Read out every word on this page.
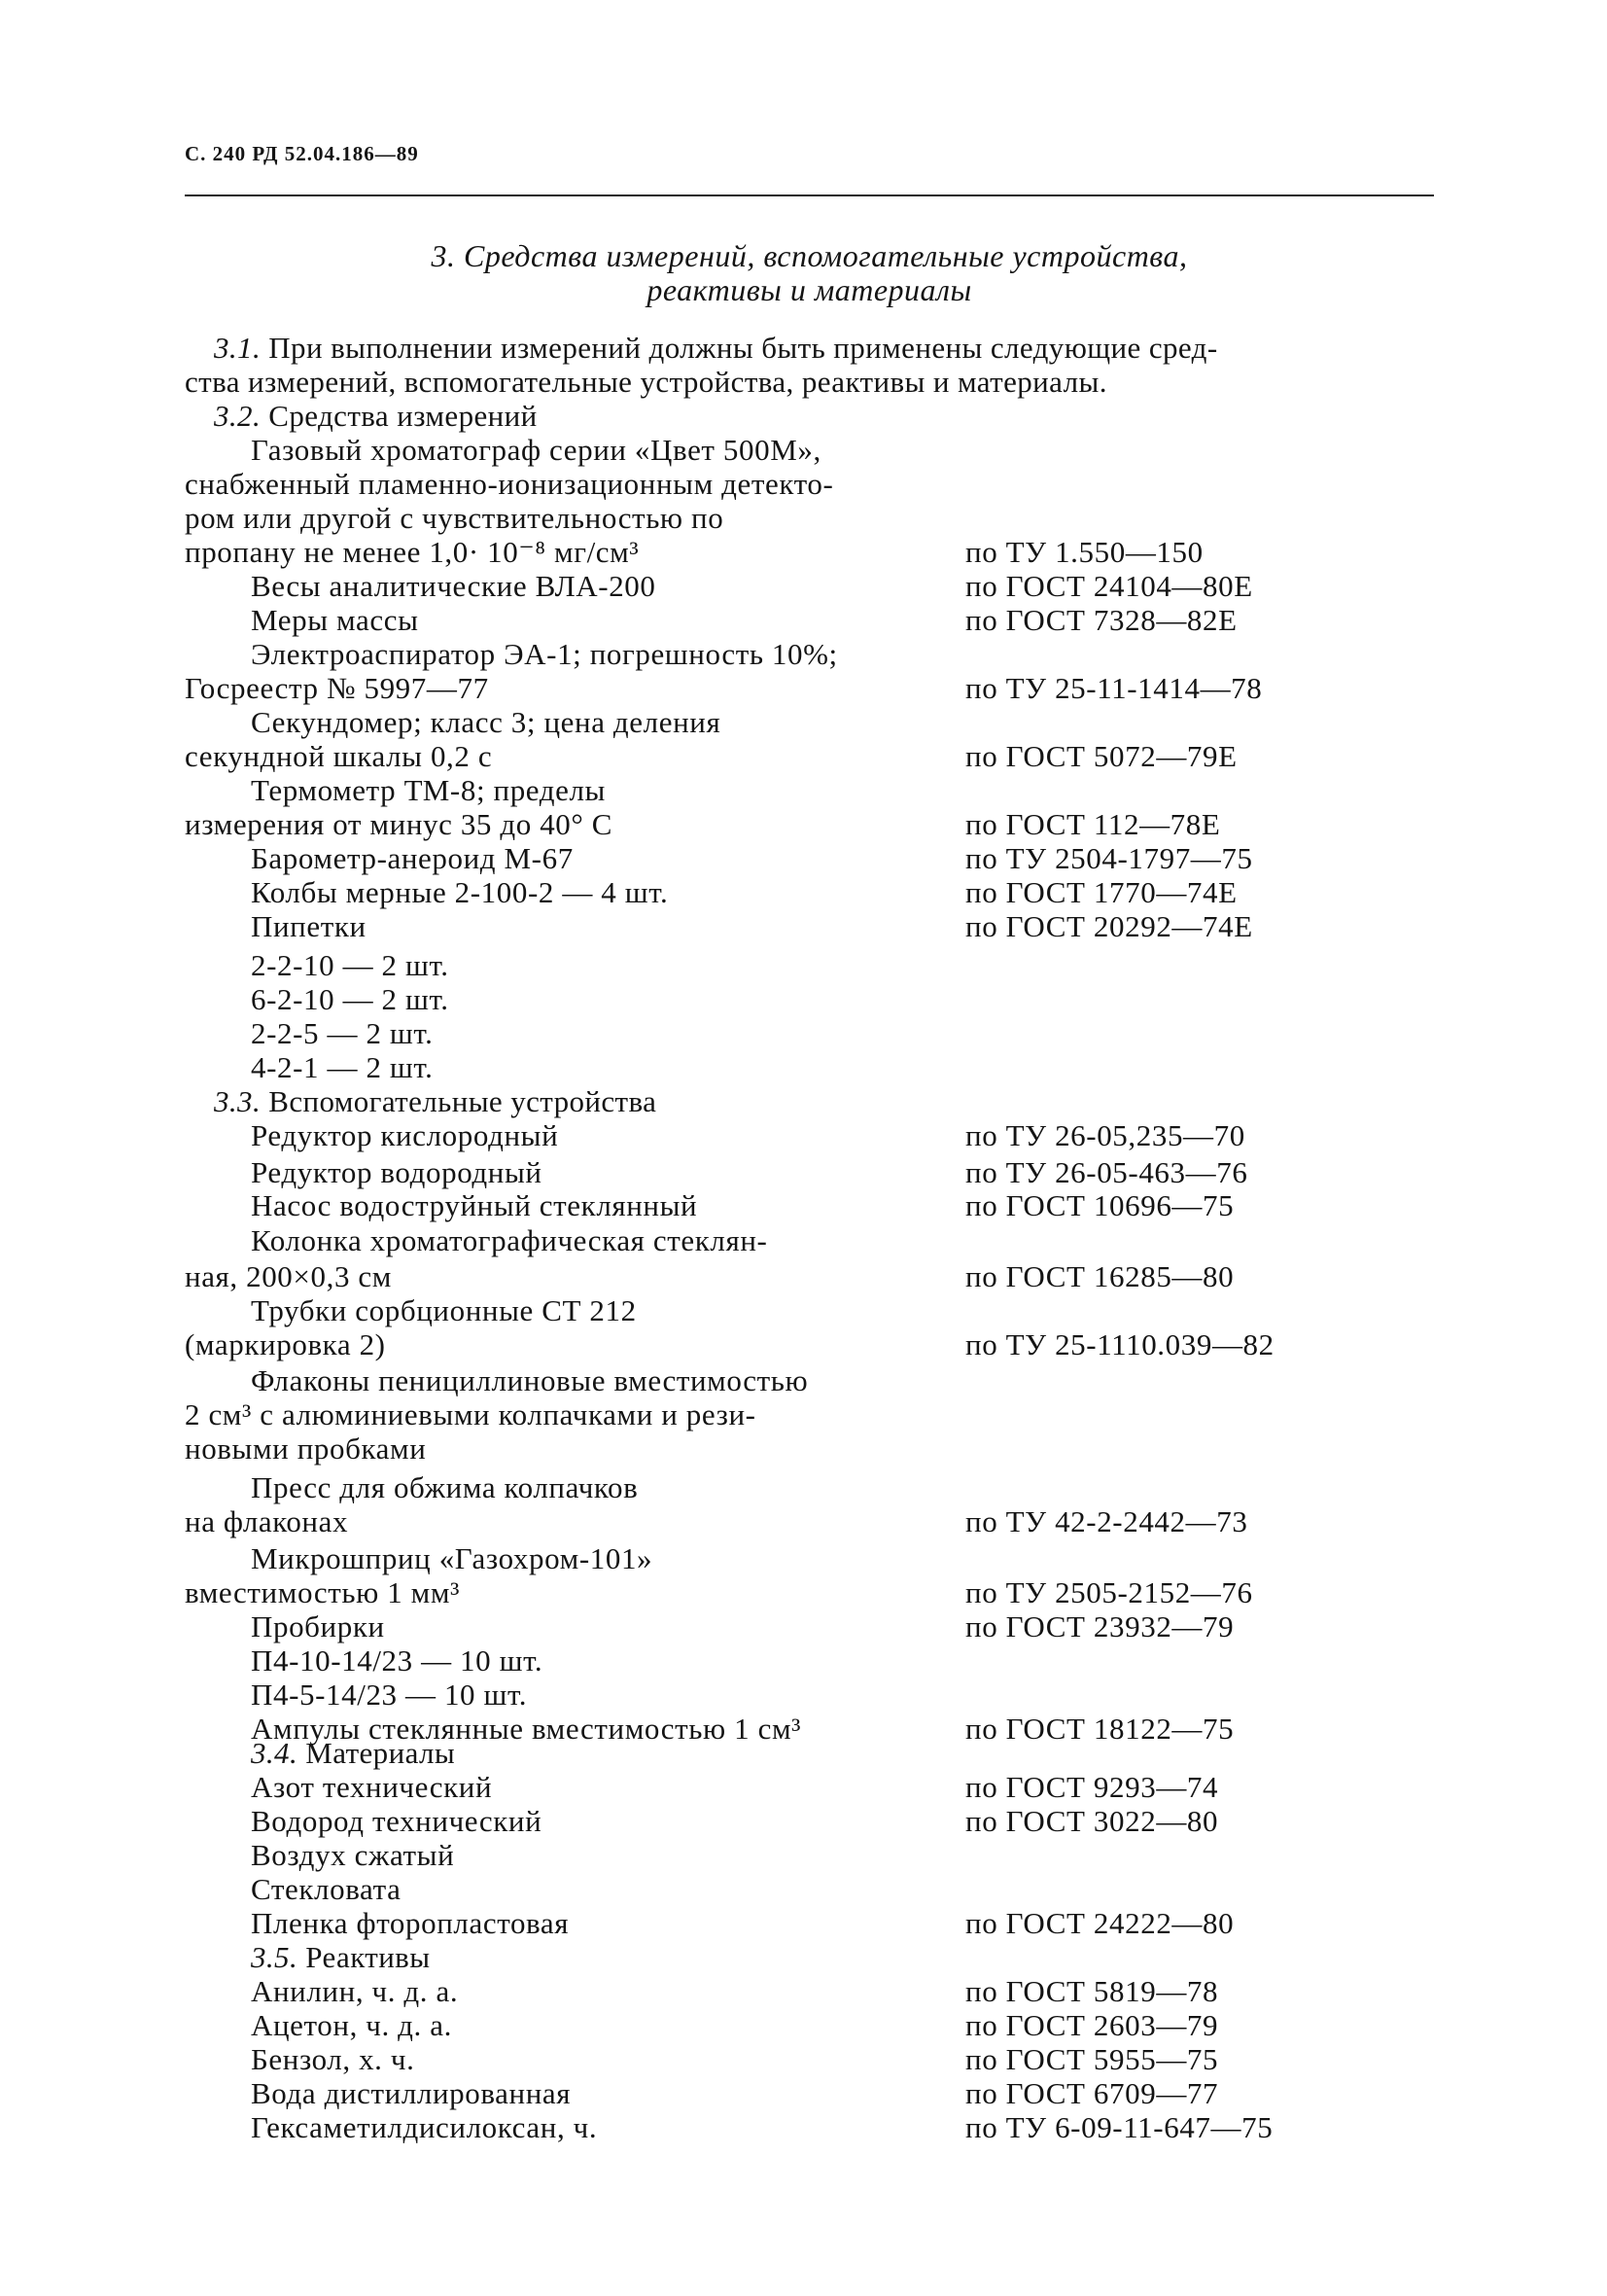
С. 240 РД 52.04.186—89
3. Средства измерений, вспомогательные устройства,
реактивы и материалы
3.1. При выполнении измерений должны быть применены следующие сред-
ства измерений, вспомогательные устройства, реактивы и материалы.
3.2. Средства измерений
3.3. Вспомогательные устройства
3.4. Материалы
3.5. Реактивы
Газовый хроматограф серии «Цвет 500М»,
снабженный пламенно-ионизационным детекто-
ром или другой с чувствительностью по
пропану не менее 1,0· 10⁻⁸ мг/см³	по ТУ 1.550—150
Весы аналитические ВЛА-200	по ГОСТ 24104—80Е
Меры массы	по ГОСТ 7328—82Е
Электроаспиратор ЭА-1; погрешность 10%;
Госреестр № 5997—77	по ТУ 25-11-1414—78
Секундомер; класс 3; цена деления
секундной шкалы 0,2 с	по ГОСТ 5072—79Е
Термометр ТМ-8; пределы
измерения от минус 35 до 40° С	по ГОСТ 112—78Е
Барометр-анероид М-67	по ТУ 2504-1797—75
Колбы мерные 2-100-2 — 4 шт.	по ГОСТ 1770—74Е
Пипетки	по ГОСТ 20292—74Е
2-2-10 — 2 шт.
6-2-10 — 2 шт.
2-2-5 — 2 шт.
4-2-1 — 2 шт.
Редуктор кислородный	по ТУ 26-05,235—70
Редуктор водородный	по ТУ 26-05-463—76
Насос водоструйный стеклянный	по ГОСТ 10696—75
Колонка хроматографическая стеклян-
ная, 200×0,3 см	по ГОСТ 16285—80
Трубки сорбционные СТ 212
(маркировка 2)	по ТУ 25-1110.039—82
Флаконы пенициллиновые вместимостью
2 см³ с алюминиевыми колпачками и рези-
новыми пробками
Пресс для обжима колпачков
на флаконах	по ТУ 42-2-2442—73
Микрошприц «Газохром-101»
вместимостью 1 мм³	по ТУ 2505-2152—76
Пробирки	по ГОСТ 23932—79
П4-10-14/23 — 10 шт.
П4-5-14/23 — 10 шт.
Ампулы стеклянные вместимостью 1 см³	по ГОСТ 18122—75
Азот технический	по ГОСТ 9293—74
Водород технический	по ГОСТ 3022—80
Воздух сжатый
Стекловата
Пленка фторопластовая	по ГОСТ 24222—80
Анилин, ч. д. а.	по ГОСТ 5819—78
Ацетон, ч. д. а.	по ГОСТ 2603—79
Бензол, х. ч.	по ГОСТ 5955—75
Вода дистиллированная	по ГОСТ 6709—77
Гексаметилдисилоксан, ч.	по ТУ 6-09-11-647—75
